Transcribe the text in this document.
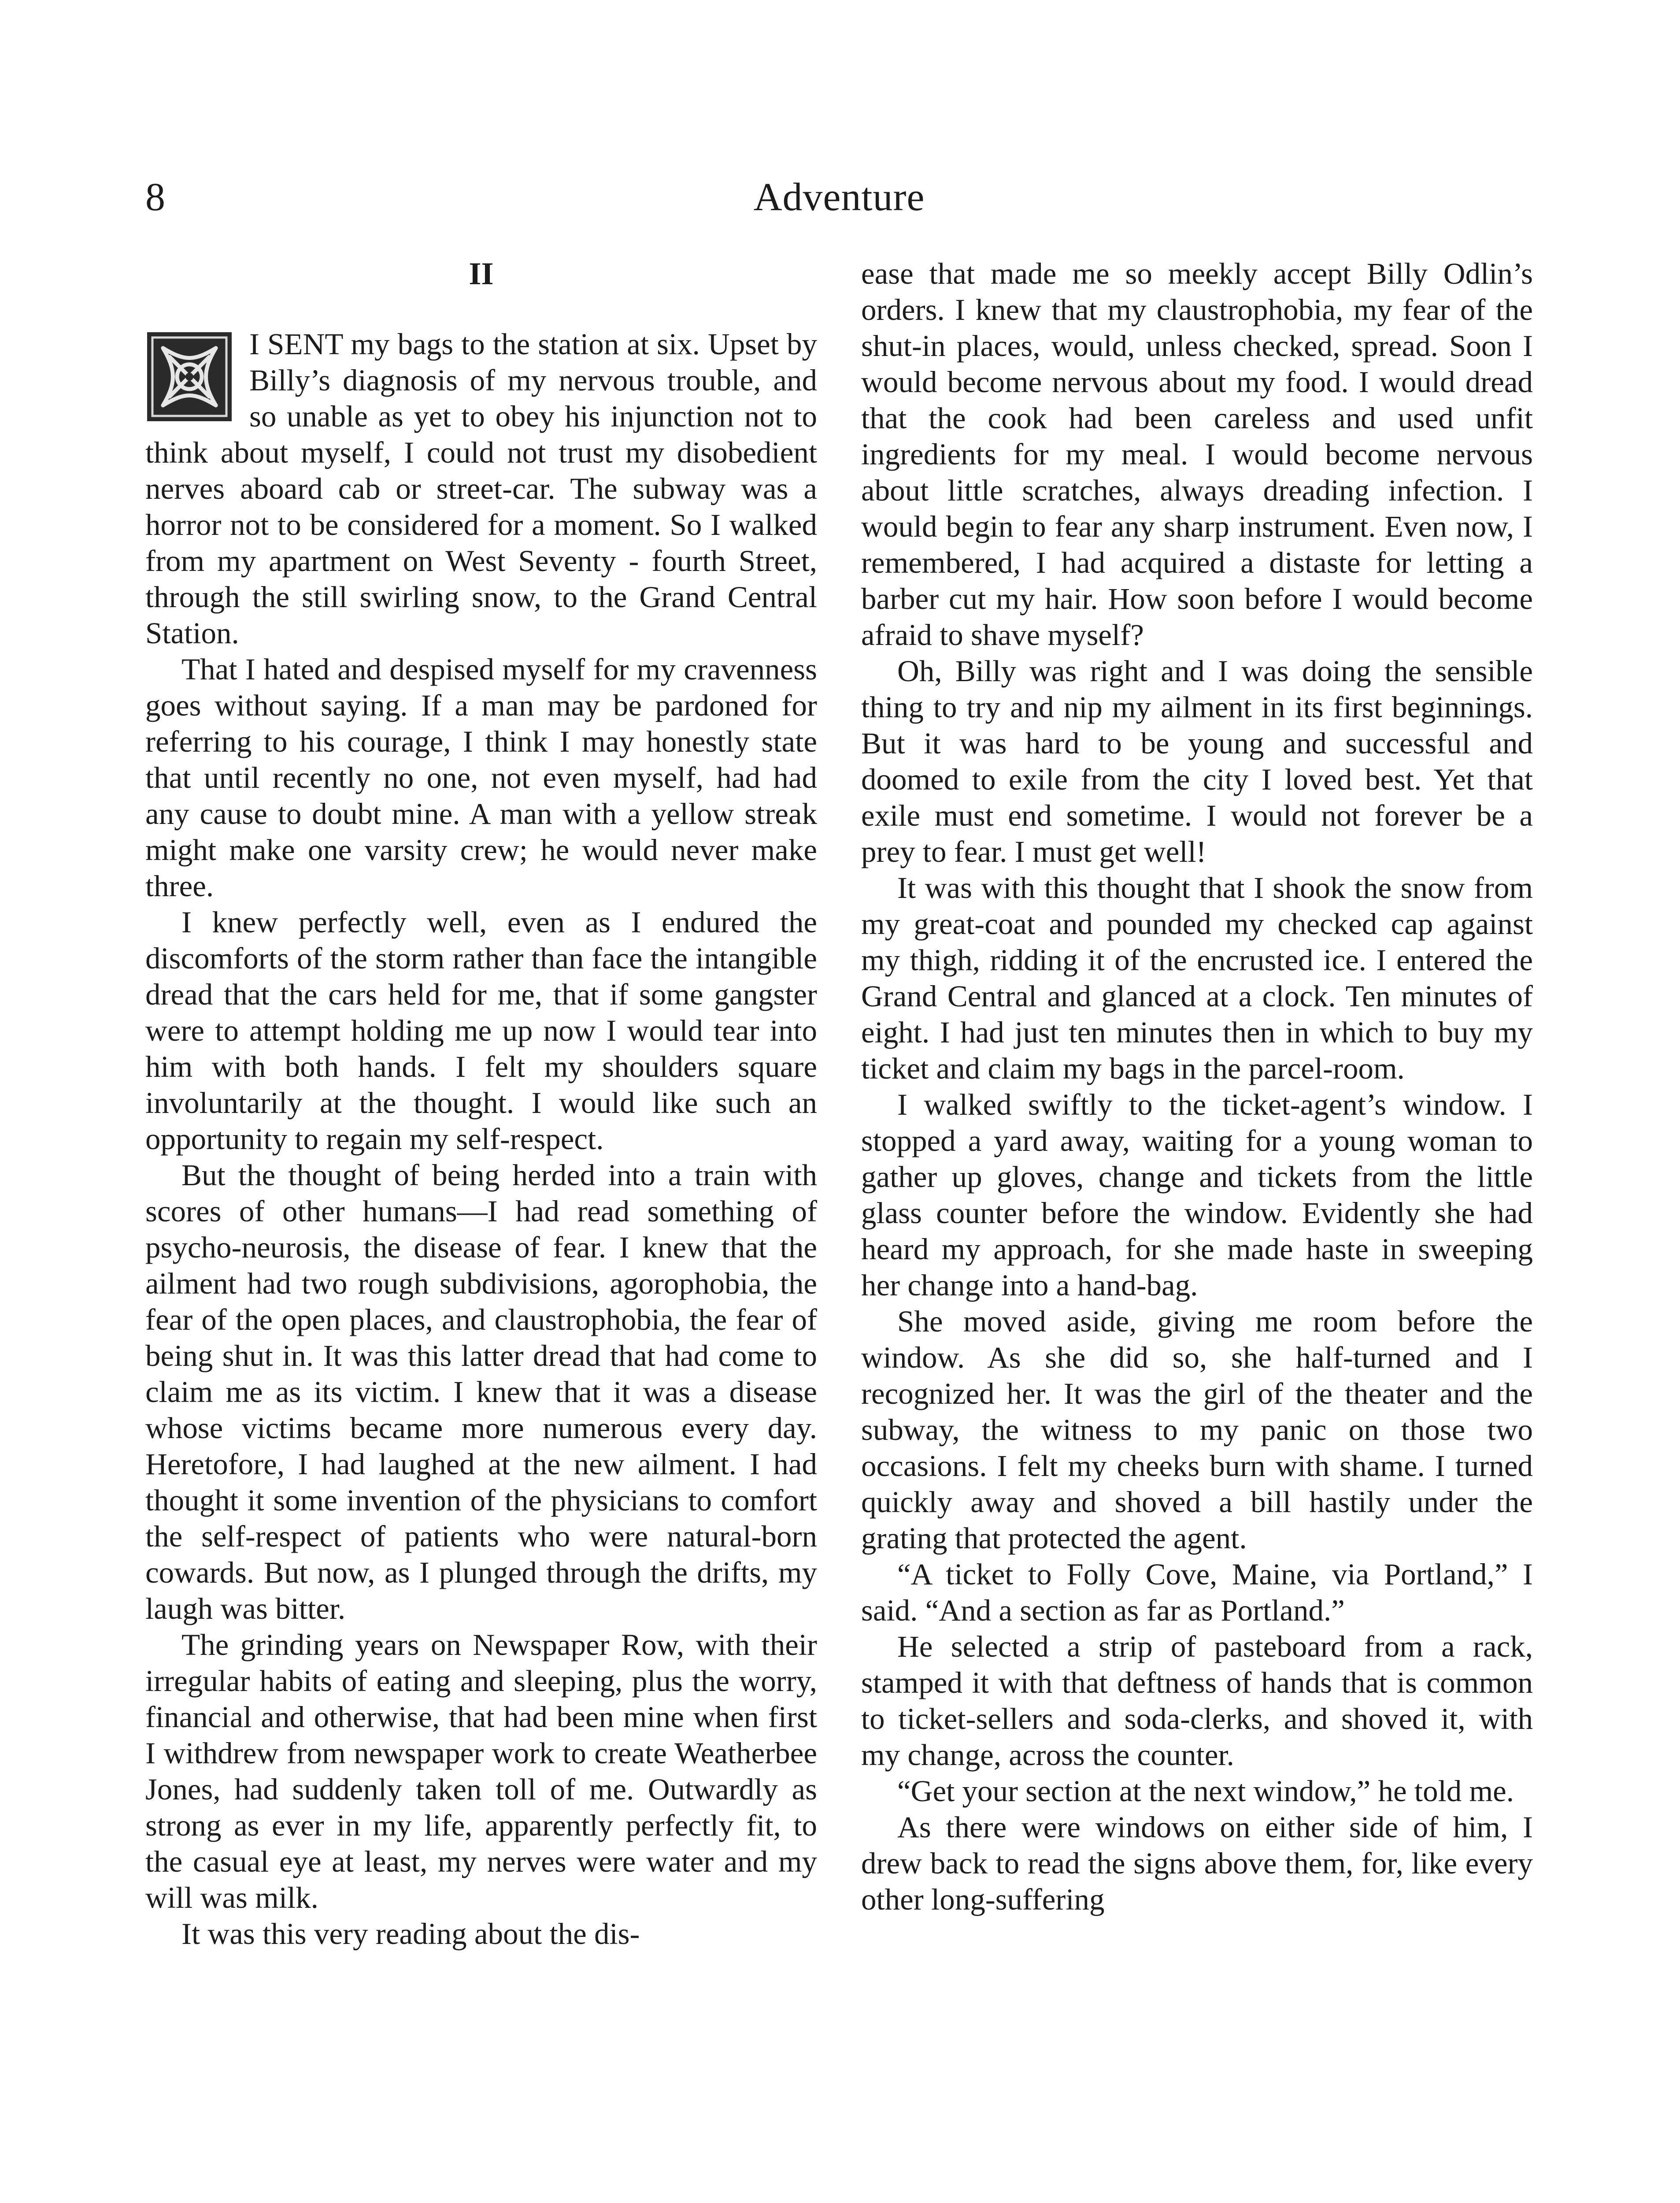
8	Adventure
II

I SENT my bags to the station at six. Upset by Billy’s diagnosis of my nervous trouble, and so unable as yet to obey his injunction not to think about myself, I could not trust my disobedient nerves aboard cab or street-car. The subway was a horror not to be considered for a moment. So I walked from my apartment on West Seventy - fourth Street, through the still swirling snow, to the Grand Central Station.

That I hated and despised myself for my cravenness goes without saying. If a man may be pardoned for referring to his courage, I think I may honestly state that until recently no one, not even myself, had had any cause to doubt mine. A man with a yellow streak might make one varsity crew; he would never make three.

I knew perfectly well, even as I endured the discomforts of the storm rather than face the intangible dread that the cars held for me, that if some gangster were to attempt holding me up now I would tear into him with both hands. I felt my shoulders square involuntarily at the thought. I would like such an opportunity to regain my self-respect.

But the thought of being herded into a train with scores of other humans—I had read something of psycho-neurosis, the disease of fear. I knew that the ailment had two rough subdivisions, agorophobia, the fear of the open places, and claustrophobia, the fear of being shut in. It was this latter dread that had come to claim me as its victim. I knew that it was a disease whose victims became more numerous every day. Heretofore, I had laughed at the new ailment. I had thought it some invention of the physicians to comfort the self-respect of patients who were natural-born cowards. But now, as I plunged through the drifts, my laugh was bitter.

The grinding years on Newspaper Row, with their irregular habits of eating and sleeping, plus the worry, financial and otherwise, that had been mine when first I withdrew from newspaper work to create Weatherbee Jones, had suddenly taken toll of me. Outwardly as strong as ever in my life, apparently perfectly fit, to the casual eye at least, my nerves were water and my will was milk.

It was this very reading about the dis-

ease that made me so meekly accept Billy Odlin’s orders. I knew that my claustrophobia, my fear of the shut-in places, would, unless checked, spread. Soon I would become nervous about my food. I would dread that the cook had been careless and used unfit ingredients for my meal. I would become nervous about little scratches, always dreading infection. I would begin to fear any sharp instrument. Even now, I remembered, I had acquired a distaste for letting a barber cut my hair. How soon before I would become afraid to shave myself?

Oh, Billy was right and I was doing the sensible thing to try and nip my ailment in its first beginnings. But it was hard to be young and successful and doomed to exile from the city I loved best. Yet that exile must end sometime. I would not forever be a prey to fear. I must get well!

It was with this thought that I shook the snow from my great-coat and pounded my checked cap against my thigh, ridding it of the encrusted ice. I entered the Grand Central and glanced at a clock. Ten minutes of eight. I had just ten minutes then in which to buy my ticket and claim my bags in the parcel-room.

I walked swiftly to the ticket-agent’s window. I stopped a yard away, waiting for a young woman to gather up gloves, change and tickets from the little glass counter before the window. Evidently she had heard my approach, for she made haste in sweeping her change into a hand-bag.

She moved aside, giving me room before the window. As she did so, she half-turned and I recognized her. It was the girl of the theater and the subway, the witness to my panic on those two occasions. I felt my cheeks burn with shame. I turned quickly away and shoved a bill hastily under the grating that protected the agent.

“A ticket to Folly Cove, Maine, via Portland,” I said. “And a section as far as Portland.”

He selected a strip of pasteboard from a rack, stamped it with that deftness of hands that is common to ticket-sellers and soda-clerks, and shoved it, with my change, across the counter.

“Get your section at the next window,” he told me.

As there were windows on either side of him, I drew back to read the signs above them, for, like every other long-suffering
